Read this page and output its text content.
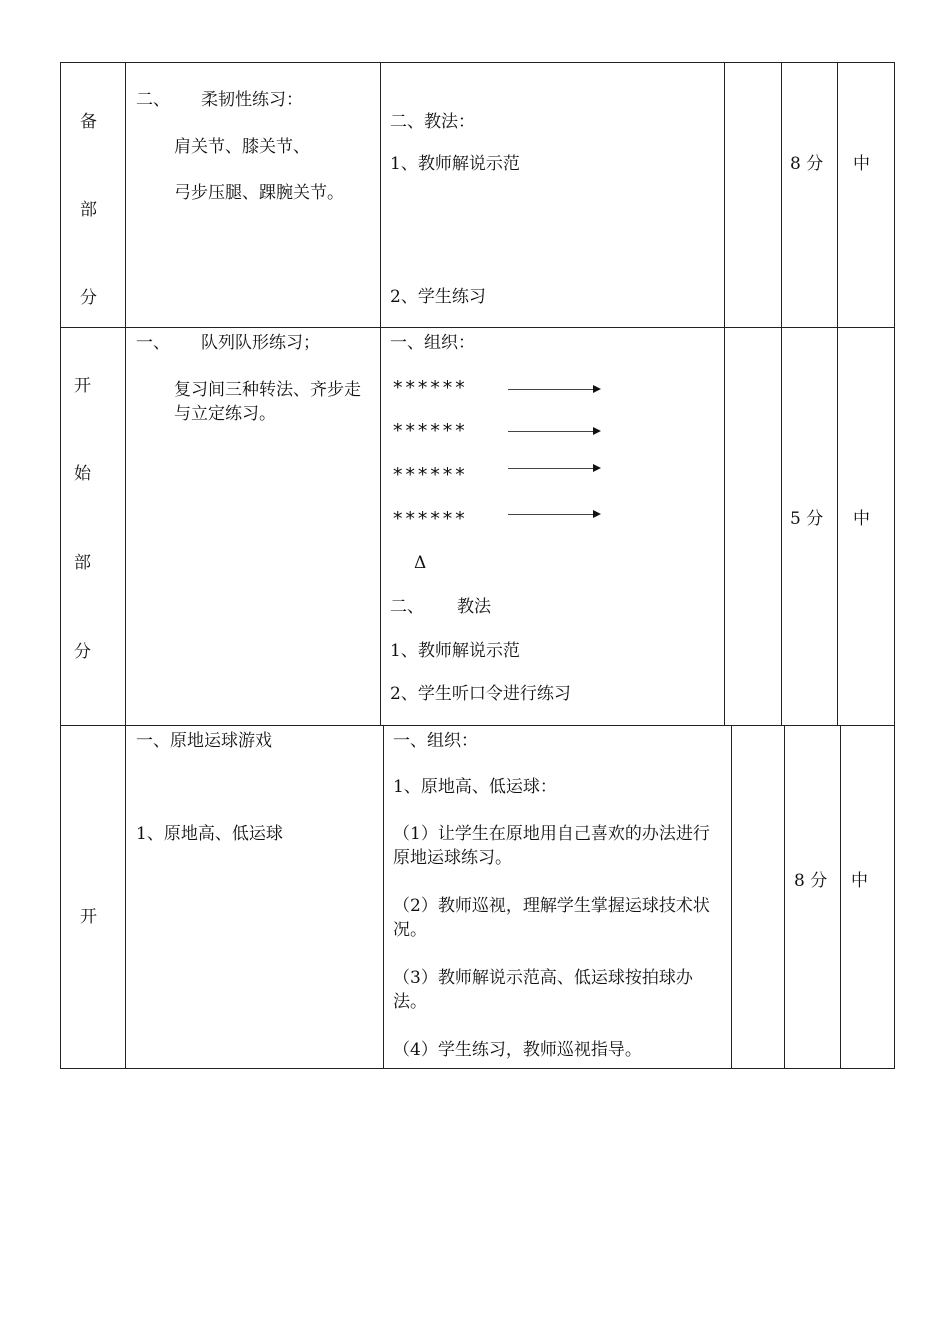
备
部
分
二、 柔韧性练习：
肩关节、膝关节、
弓步压腿、踝腕关节。
二、教法：
1、教师解说示范
2、学生练习
8 分 中
开
始
部
分
一、 队列队形练习；
复习间三种转法、齐步走与立定练习。
一、组织：
******
******
******
******
Δ
二、 教法
1、教师解说示范
2、学生听口令进行练习
5 分 中
开
一、原地运球游戏
1、原地高、低运球
一、组织：
1、原地高、低运球：
（1）让学生在原地用自己喜欢的办法进行原地运球练习。
（2）教师巡视，理解学生掌握运球技术状况。
（3）教师解说示范高、低运球按拍球办法。
（4）学生练习，教师巡视指导。
8 分 中
